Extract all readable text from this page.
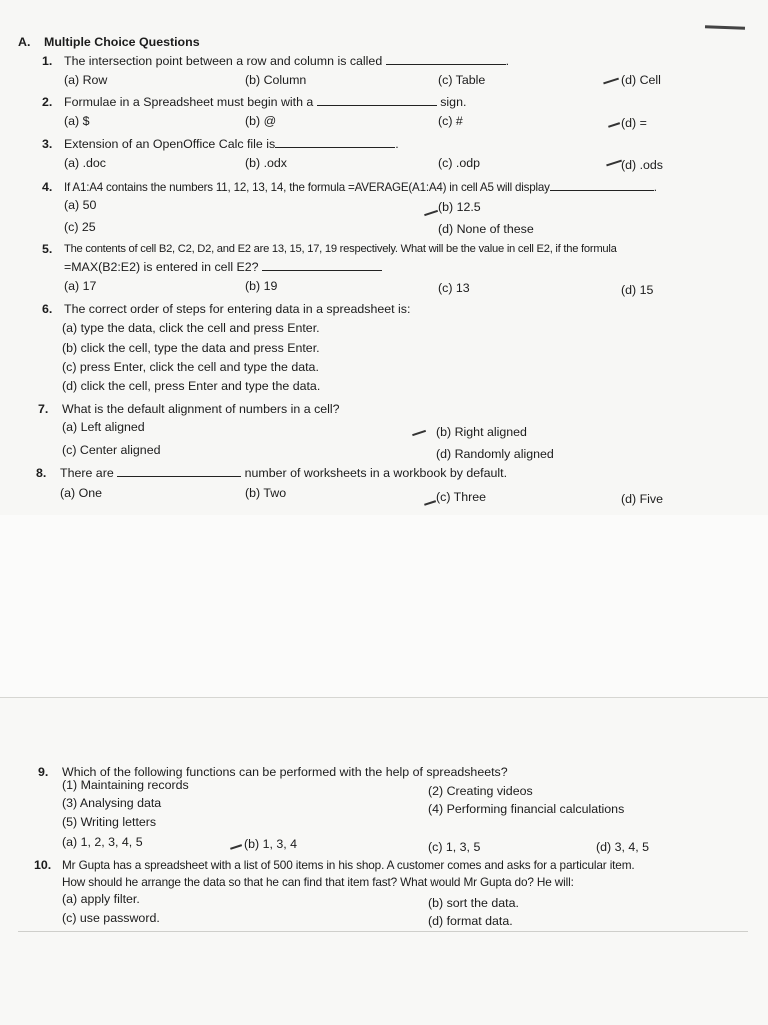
A. Multiple Choice Questions
1. The intersection point between a row and column is called	.
(a) Row	(b) Column	(c) Table	(d) Cell
2. Formulae in a Spreadsheet must begin with a	sign.
(a) $	(b) @	(c) #	(d) =
3. Extension of an OpenOffice Calc file is	.
(a) .doc	(b) .odx	(c) .odp	(d) .ods
4. If A1:A4 contains the numbers 11, 12, 13, 14, the formula =AVERAGE(A1:A4) in cell A5 will display	.
(a) 50	(b) 12.5
(c) 25	(d) None of these
5. The contents of cell B2, C2, D2, and E2 are 13, 15, 17, 19 respectively. What will be the value in cell E2, if the formula
=MAX(B2:E2) is entered in cell E2?
(a) 17	(b) 19	(c) 13	(d) 15
6. The correct order of steps for entering data in a spreadsheet is:
(a) type the data, click the cell and press Enter.
(b) click the cell, type the data and press Enter.
(c) press Enter, click the cell and type the data.
(d) click the cell, press Enter and type the data.
7. What is the default alignment of numbers in a cell?
(a) Left aligned	(b) Right aligned
(c) Center aligned	(d) Randomly aligned
8. There are	number of worksheets in a workbook by default.
(a) One	(b) Two	(c) Three	(d) Five
9. Which of the following functions can be performed with the help of spreadsheets?
(1) Maintaining records	(2) Creating videos
(3) Analysing data	(4) Performing financial calculations
(5) Writing letters
(a) 1, 2, 3, 4, 5	(b) 1, 3, 4	(c) 1, 3, 5	(d) 3, 4, 5
10. Mr Gupta has a spreadsheet with a list of 500 items in his shop. A customer comes and asks for a particular item.
How should he arrange the data so that he can find that item fast? What would Mr Gupta do? He will:
(a) apply filter.	(b) sort the data.
(c) use password.	(d) format data.
